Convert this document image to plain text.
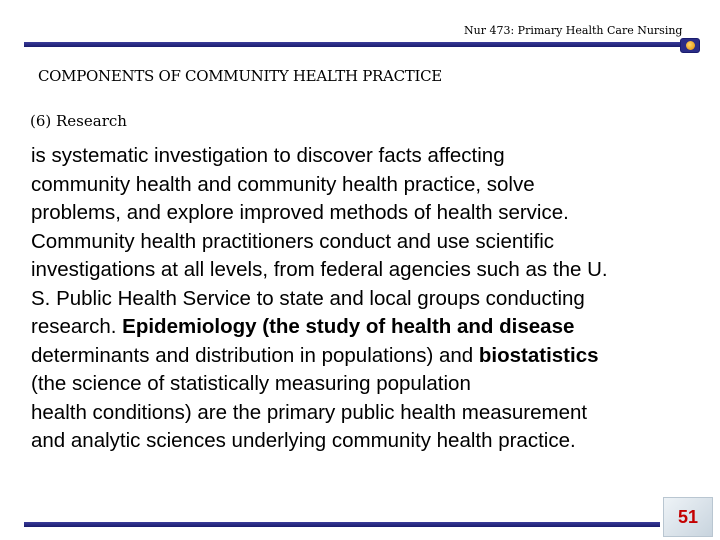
Nur 473: Primary Health Care Nursing
COMPONENTS OF COMMUNITY HEALTH PRACTICE
(6) Research
is systematic investigation to discover facts affecting
community health and community health practice, solve
problems, and explore improved methods of health service.
Community health practitioners conduct and use scientific
investigations at all levels, from federal agencies such as the U.
S. Public Health Service to state and local groups conducting
research. Epidemiology (the study of health and disease
determinants and distribution in populations) and biostatistics
(the science of statistically measuring population
health conditions) are the primary public health measurement
and analytic sciences underlying community health practice.
51
